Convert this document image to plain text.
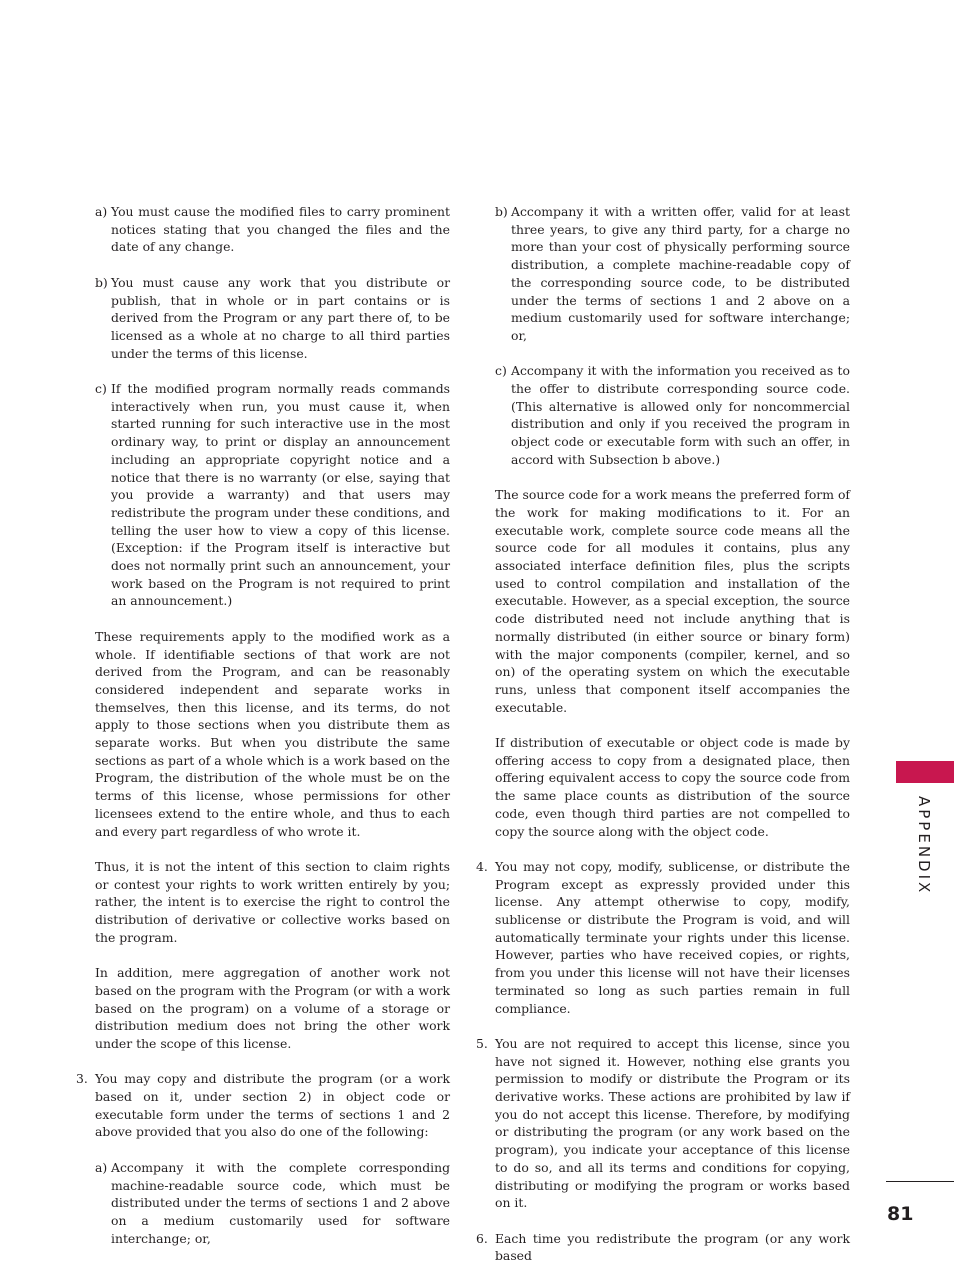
a) You must cause the modified files to carry prominent notices stating that you changed the files and the date of any change.

b) You must cause any work that you distribute or publish, that in whole or in part contains or is derived from the Program or any part there of, to be licensed as a whole at no charge to all third parties under the terms of this license.

c) If the modified program normally reads commands interactively when run, you must cause it, when started running for such interactive use in the most ordinary way, to print or display an announcement including an appropriate copyright notice and a notice that there is no warranty (or else, saying that you provide a warranty) and that users may redistribute the program under these conditions, and telling the user how to view a copy of this license. (Exception: if the Program itself is interactive but does not normally print such an announcement, your work based on the Program is not required to print an announcement.)

These requirements apply to the modified work as a whole. If identifiable sections of that work are not derived from the Program, and can be reasonably considered independent and separate works in themselves, then this license, and its terms, do not apply to those sections when you distribute them as separate works. But when you distribute the same sections as part of a whole which is a work based on the Program, the distribution of the whole must be on the terms of this license, whose permissions for other licensees extend to the entire whole, and thus to each and every part regardless of who wrote it.

Thus, it is not the intent of this section to claim rights or contest your rights to work written entirely by you; rather, the intent is to exercise the right to control the distribution of derivative or collective works based on the program.

In addition, mere aggregation of another work not based on the program with the Program (or with a work based on the program) on a volume of a storage or distribution medium does not bring the other work under the scope of this license.

3. You may copy and distribute the program (or a work based on it, under section 2) in object code or executable form under the terms of sections 1 and 2 above provided that you also do one of the following:

a) Accompany it with the complete corresponding machine-readable source code, which must be distributed under the terms of sections 1 and 2 above on a medium customarily used for software interchange; or,

b) Accompany it with a written offer, valid for at least three years, to give any third party, for a charge no more than your cost of physically performing source distribution, a complete machine-readable copy of the corresponding source code, to be distributed under the terms of sections 1 and 2 above on a medium customarily used for software interchange; or,

c) Accompany it with the information you received as to the offer to distribute corresponding source code. (This alternative is allowed only for noncommercial distribution and only if you received the program in object code or executable form with such an offer, in accord with Subsection b above.)

The source code for a work means the preferred form of the work for making modifications to it. For an executable work, complete source code means all the source code for all modules it contains, plus any associated interface definition files, plus the scripts used to control compilation and installation of the executable. However, as a special exception, the source code distributed need not include anything that is normally distributed (in either source or binary form) with the major components (compiler, kernel, and so on) of the operating system on which the executable runs, unless that component itself accompanies the executable.

If distribution of executable or object code is made by offering access to copy from a designated place, then offering equivalent access to copy the source code from the same place counts as distribution of the source code, even though third parties are not compelled to copy the source along with the object code.

4. You may not copy, modify, sublicense, or distribute the Program except as expressly provided under this license. Any attempt otherwise to copy, modify, sublicense or distribute the Program is void, and will automatically terminate your rights under this license. However, parties who have received copies, or rights, from you under this license will not have their licenses terminated so long as such parties remain in full compliance.

5. You are not required to accept this license, since you have not signed it. However, nothing else grants you permission to modify or distribute the Program or its derivative works. These actions are prohibited by law if you do not accept this license. Therefore, by modifying or distributing the program (or any work based on the program), you indicate your acceptance of this license to do so, and all its terms and conditions for copying, distributing or modifying the program or works based on it.

6. Each time you redistribute the program (or any work based

APPENDIX
81
